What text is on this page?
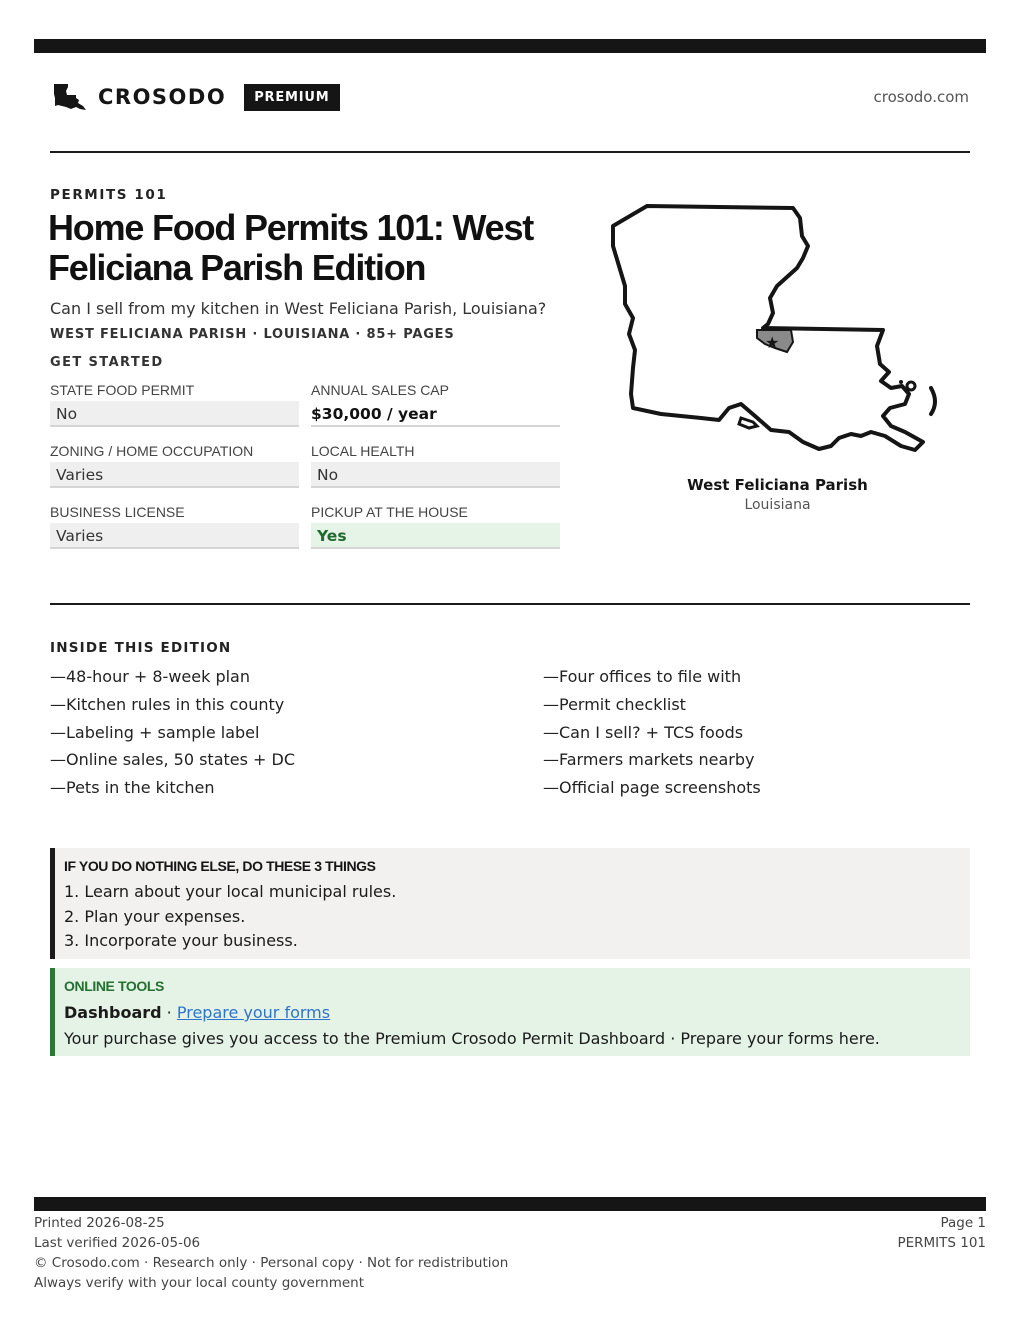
CROSODO	PREMIUM	crosodo.com
PERMITS 101
Home Food Permits 101: West Feliciana Parish Edition
Can I sell from my kitchen in West Feliciana Parish, Louisiana?
WEST FELICIANA PARISH · LOUISIANA · 85+ PAGES
GET STARTED
STATE FOOD PERMIT
No
ANNUAL SALES CAP
$30,000 / year
ZONING / HOME OCCUPATION
Varies
LOCAL HEALTH
No
BUSINESS LICENSE
Varies
PICKUP AT THE HOUSE
Yes
★
West Feliciana Parish
Louisiana
INSIDE THIS EDITION
—48-hour + 8-week plan
—Kitchen rules in this county
—Labeling + sample label
—Online sales, 50 states + DC
—Pets in the kitchen
—Four offices to file with
—Permit checklist
—Can I sell? + TCS foods
—Farmers markets nearby
—Official page screenshots
IF YOU DO NOTHING ELSE, DO THESE 3 THINGS
1. Learn about your local municipal rules.
2. Plan your expenses.
3. Incorporate your business.
ONLINE TOOLS
Dashboard · Prepare your forms
Your purchase gives you access to the Premium Crosodo Permit Dashboard · Prepare your forms here.
Printed 2026-08-25
Last verified 2026-05-06
© Crosodo.com · Research only · Personal copy · Not for redistribution
Always verify with your local county government
Page 1
PERMITS 101
